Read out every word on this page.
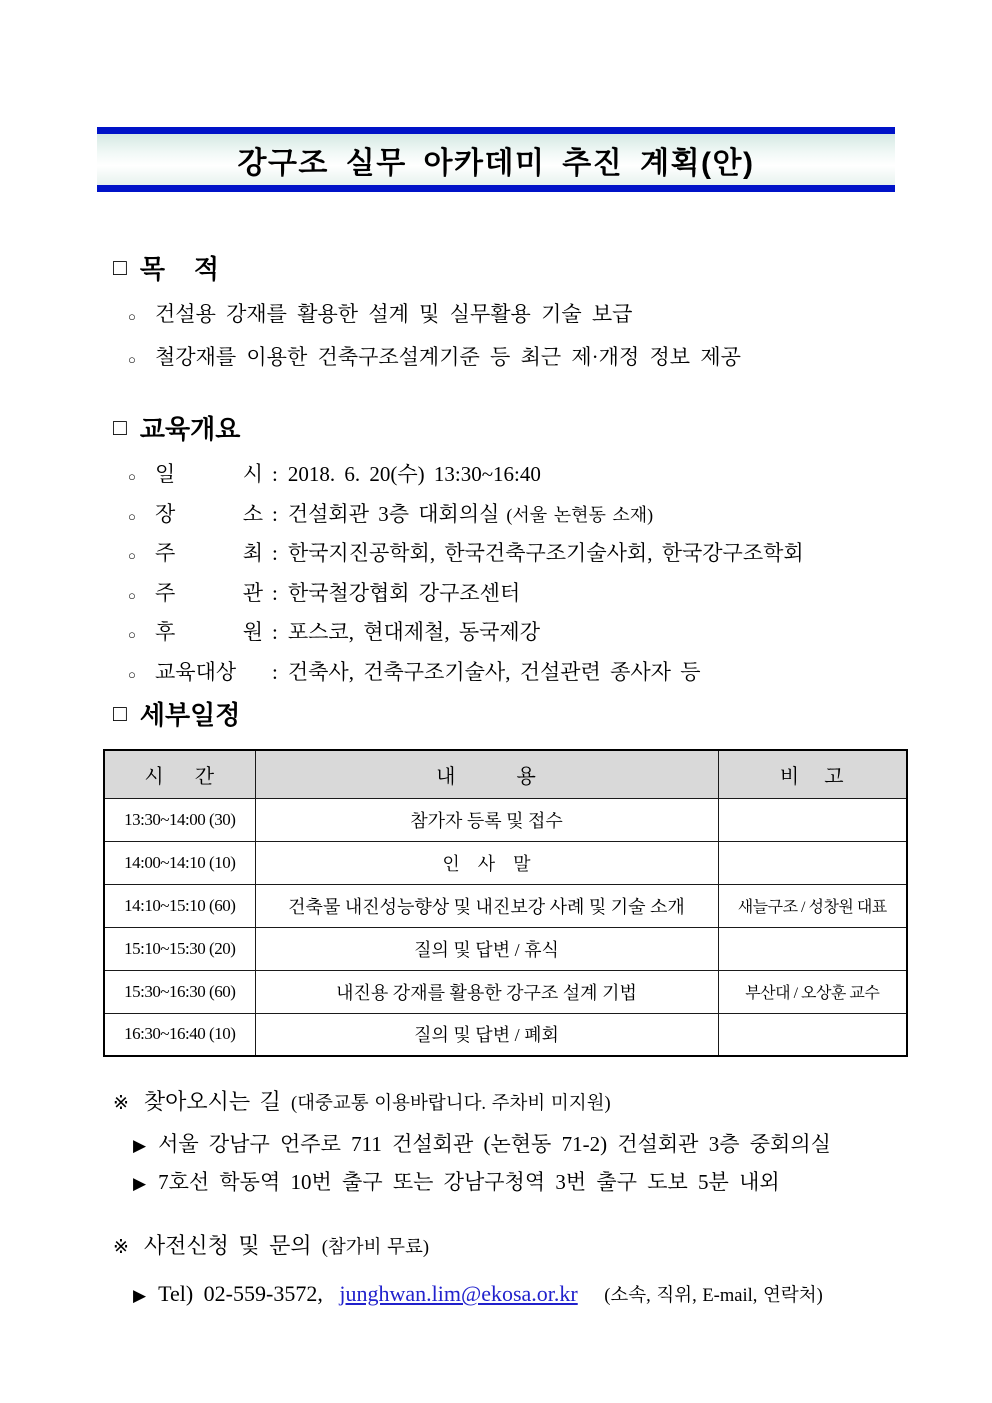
강구조 실무 아카데미 추진 계획(안)
□ 목    적
○ 건설용 강재를 활용한 설계 및 실무활용 기술 보급
○ 철강재를 이용한 건축구조설계기준 등 최근 제·개정 정보 제공
□ 교육개요
○ 일 시 : 2018. 6. 20(수) 13:30~16:40
○ 장 소 : 건설회관 3층 대회의실 (서울 논현동 소재)
○ 주 최 : 한국지진공학회, 한국건축구조기술사회, 한국강구조학회
○ 주 관 : 한국철강협회 강구조센터
○ 후 원 : 포스코, 현대제철, 동국제강
○ 교육대상	: 건축사, 건축구조기술사, 건설관련 종사자 등
□ 세부일정
시     간	내          용	비    고
13:30~14:00 (30)	참가자 등록 및 접수	
14:00~14:10 (10)	인    사    말	
14:10~15:10 (60)	건축물 내진성능향상 및 내진보강 사례 및 기술 소개	새늘구조 / 성창원 대표
15:10~15:30 (20)	질의 및 답변 / 휴식	
15:30~16:30 (60)	내진용 강재를 활용한 강구조 설계 기법	부산대 / 오상훈 교수
16:30~16:40 (10)	질의 및 답변 / 폐회	
※ 찾아오시는 길 (대중교통 이용바랍니다. 주차비 미지원)
▶ 서울 강남구 언주로 711 건설회관 (논현동 71-2) 건설회관 3층 중회의실
▶ 7호선 학동역 10번 출구 또는 강남구청역 3번 출구 도보 5분 내외
※ 사전신청 및 문의 (참가비 무료)
▶ Tel) 02-559-3572, junghwan.lim@ekosa.or.kr (소속, 직위, E-mail, 연락처)
